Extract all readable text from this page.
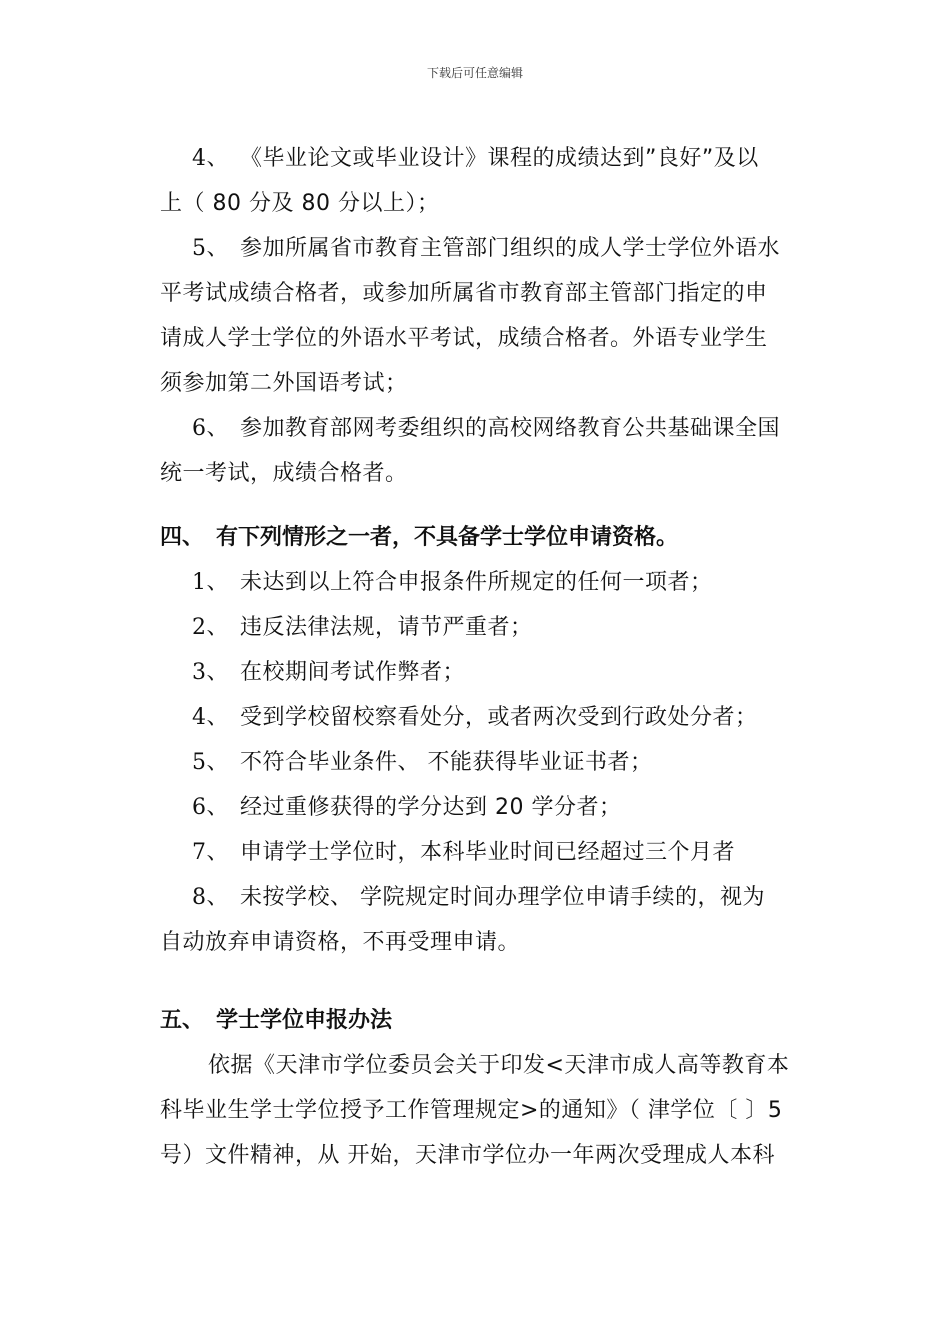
下载后可任意编辑
4、 《毕业论文或毕业设计》课程的成绩达到”良好”及以
上（ 80 分及 80 分以上）；
5、 参加所属省市教育主管部门组织的成人学士学位外语水
平考试成绩合格者，或参加所属省市教育部主管部门指定的申
请成人学士学位的外语水平考试，成绩合格者。外语专业学生
须参加第二外国语考试；
6、 参加教育部网考委组织的高校网络教育公共基础课全国
统一考试，成绩合格者。
四、 有下列情形之一者，不具备学士学位申请资格。
1、 未达到以上符合申报条件所规定的任何一项者；
2、 违反法律法规，请节严重者；
3、 在校期间考试作弊者；
4、 受到学校留校察看处分，或者两次受到行政处分者；
5、 不符合毕业条件、 不能获得毕业证书者；
6、 经过重修获得的学分达到 20 学分者；
7、 申请学士学位时，本科毕业时间已经超过三个月者
8、 未按学校、 学院规定时间办理学位申请手续的，视为
自动放弃申请资格，不再受理申请。
五、 学士学位申报办法
依据《天津市学位委员会关于印发<天津市成人高等教育本
科毕业生学士学位授予工作管理规定>的通知》（ 津学位〔 〕5
号）文件精神，从 开始，天津市学位办一年两次受理成人本科
